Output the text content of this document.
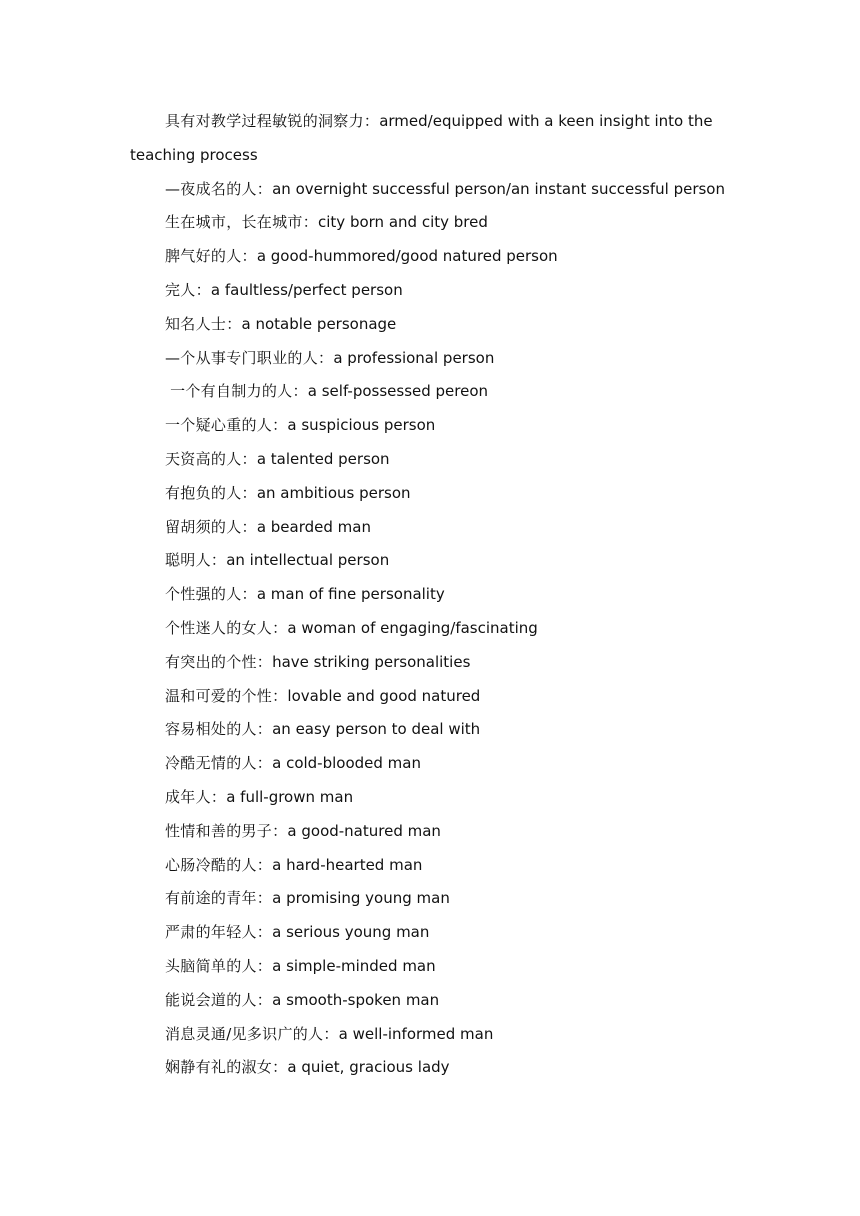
具有对教学过程敏锐的洞察力：armed/equipped with a keen insight into the teaching process
—夜成名的人：an overnight successful person/an instant successful person
生在城市，长在城市：city born and city bred
脾气好的人：a good-hummored/good natured person
完人：a faultless/perfect person
知名人士：a notable personage
—个从事专门职业的人：a professional person
一个有自制力的人：a self-possessed pereon
一个疑心重的人：a suspicious person
天资高的人：a talented person
有抱负的人：an ambitious person
留胡须的人：a bearded man
聪明人：an intellectual person
个性强的人：a man of fine personality
个性迷人的女人：a woman of engaging/fascinating
有突出的个性：have striking personalities
温和可爱的个性：lovable and good natured
容易相处的人：an easy person to deal with
冷酷无情的人：a cold-blooded man
成年人：a full-grown man
性情和善的男子：a good-natured man
心肠冷酷的人：a hard-hearted man
有前途的青年：a promising young man
严肃的年轻人：a serious young man
头脑简单的人：a simple-minded man
能说会道的人：a smooth-spoken man
消息灵通/见多识广的人：a well-informed man
娴静有礼的淑女：a quiet, gracious lady
